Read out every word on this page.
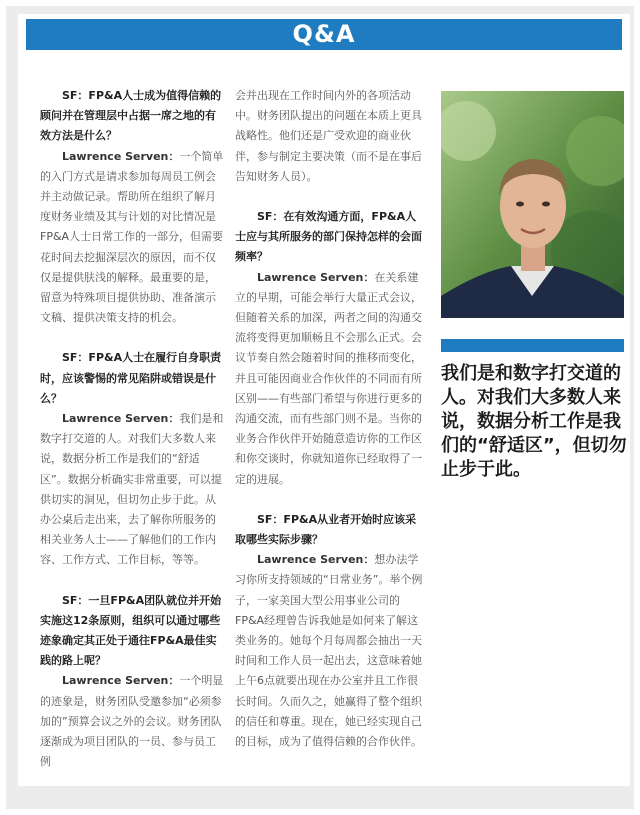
Q&A

SF：FP&A人士成为值得信赖的顾问并在管理层中占据一席之地的有效方法是什么？

Lawrence Serven：一个简单的入门方式是请求参加每周员工例会并主动做记录。帮助所在组织了解月度财务业绩及其与计划的对比情况是FP&A人士日常工作的一部分，但需要花时间去挖掘深层次的原因，而不仅仅是提供肤浅的解释。最重要的是，留意为特殊项目提供协助、准备演示文稿、提供决策支持的机会。

SF：FP&A人士在履行自身职责时，应该警惕的常见陷阱或错误是什么？

Lawrence Serven：我们是和数字打交道的人。对我们大多数人来说，数据分析工作是我们的“舒适区”。数据分析确实非常重要，可以提供切实的洞见，但切勿止步于此。从办公桌后走出来，去了解你所服务的相关业务人士——了解他们的工作内容、工作方式、工作目标，等等。

SF：一旦FP&A团队就位并开始实施这12条原则，组织可以通过哪些迹象确定其正处于通往FP&A最佳实践的路上呢？

Lawrence Serven：一个明显的迹象是，财务团队受邀参加“必须参加的”预算会议之外的会议。财务团队逐渐成为项目团队的一员、参与员工例

会并出现在工作时间内外的各项活动中。财务团队提出的问题在本质上更具战略性。他们还是广受欢迎的商业伙伴，参与制定主要决策（而不是在事后告知财务人员）。

SF：在有效沟通方面，FP&A人士应与其所服务的部门保持怎样的会面频率？

Lawrence Serven：在关系建立的早期，可能会举行大量正式会议，但随着关系的加深，两者之间的沟通交流将变得更加顺畅且不会那么正式。会议节奏自然会随着时间的推移而变化，并且可能因商业合作伙伴的不同而有所区别——有些部门希望与你进行更多的沟通交流，而有些部门则不是。当你的业务合作伙伴开始随意造访你的工作区和你交谈时，你就知道你已经取得了一定的进展。

SF：FP&A从业者开始时应该采取哪些实际步骤？

Lawrence Serven：想办法学习你所支持领域的“日常业务”。举个例子，一家美国大型公用事业公司的FP&A经理曾告诉我她是如何来了解这类业务的。她每个月每周都会抽出一天时间和工作人员一起出去，这意味着她上午6点就要出现在办公室并且工作很长时间。久而久之，她赢得了整个组织的信任和尊重。现在，她已经实现自己的目标，成为了值得信赖的合作伙伴。

我们是和数字打交道的人。对我们大多数人来说，数据分析工作是我们的“舒适区”，但切勿止步于此。
